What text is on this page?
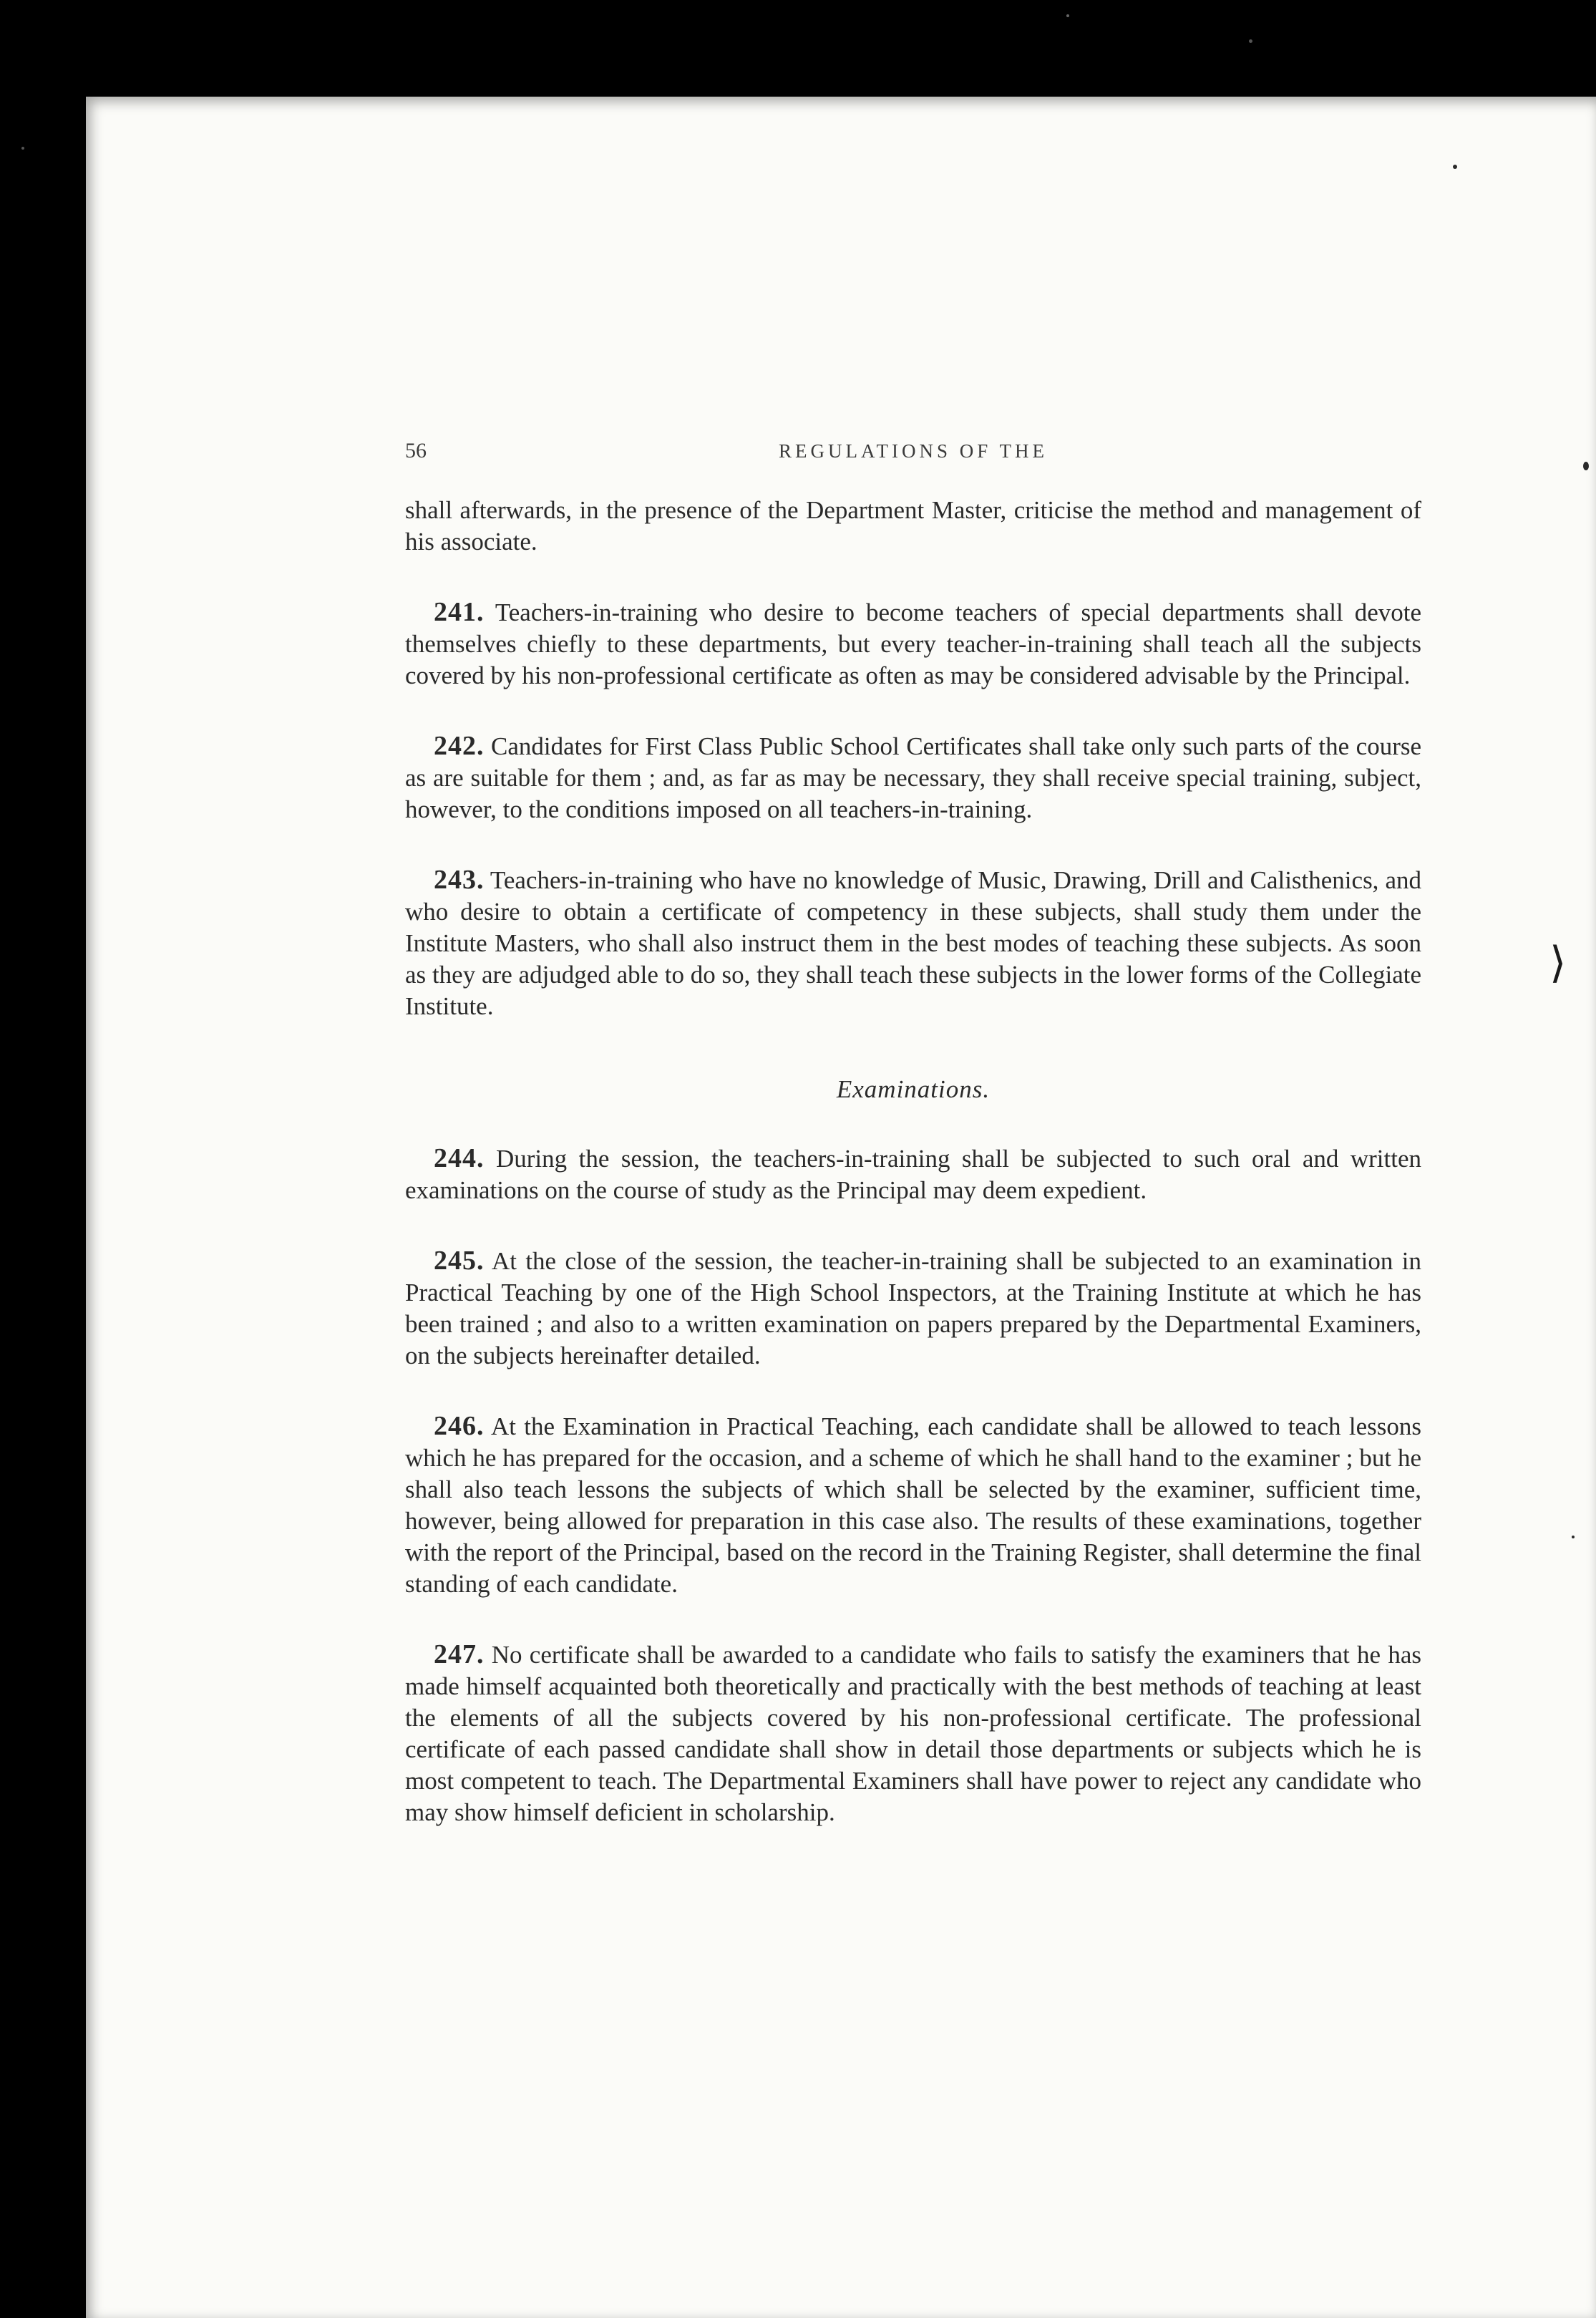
56	REGULATIONS OF THE

shall afterwards, in the presence of the Department Master, criticise the method and management of his associate.

241. Teachers-in-training who desire to become teachers of special departments shall devote themselves chiefly to these departments, but every teacher-in-training shall teach all the subjects covered by his non-professional certificate as often as may be considered advisable by the Principal.

242. Candidates for First Class Public School Certificates shall take only such parts of the course as are suitable for them ; and, as far as may be necessary, they shall receive special training, subject, however, to the conditions imposed on all teachers-in-training.

243. Teachers-in-training who have no knowledge of Music, Drawing, Drill and Calisthenics, and who desire to obtain a certificate of competency in these subjects, shall study them under the Institute Masters, who shall also instruct them in the best modes of teaching these subjects. As soon as they are adjudged able to do so, they shall teach these subjects in the lower forms of the Collegiate Institute.

Examinations.

244. During the session, the teachers-in-training shall be subjected to such oral and written examinations on the course of study as the Principal may deem expedient.

245. At the close of the session, the teacher-in-training shall be subjected to an examination in Practical Teaching by one of the High School Inspectors, at the Training Institute at which he has been trained ; and also to a written examination on papers prepared by the Departmental Examiners, on the subjects hereinafter detailed.

246. At the Examination in Practical Teaching, each candidate shall be allowed to teach lessons which he has prepared for the occasion, and a scheme of which he shall hand to the examiner ; but he shall also teach lessons the subjects of which shall be selected by the examiner, sufficient time, however, being allowed for preparation in this case also. The results of these examinations, together with the report of the Principal, based on the record in the Training Register, shall determine the final standing of each candidate.

247. No certificate shall be awarded to a candidate who fails to satisfy the examiners that he has made himself acquainted both theoretically and practically with the best methods of teaching at least the elements of all the subjects covered by his non-professional certificate. The professional certificate of each passed candidate shall show in detail those departments or subjects which he is most competent to teach. The Departmental Examiners shall have power to reject any candidate who may show himself deficient in scholarship.

⟩
